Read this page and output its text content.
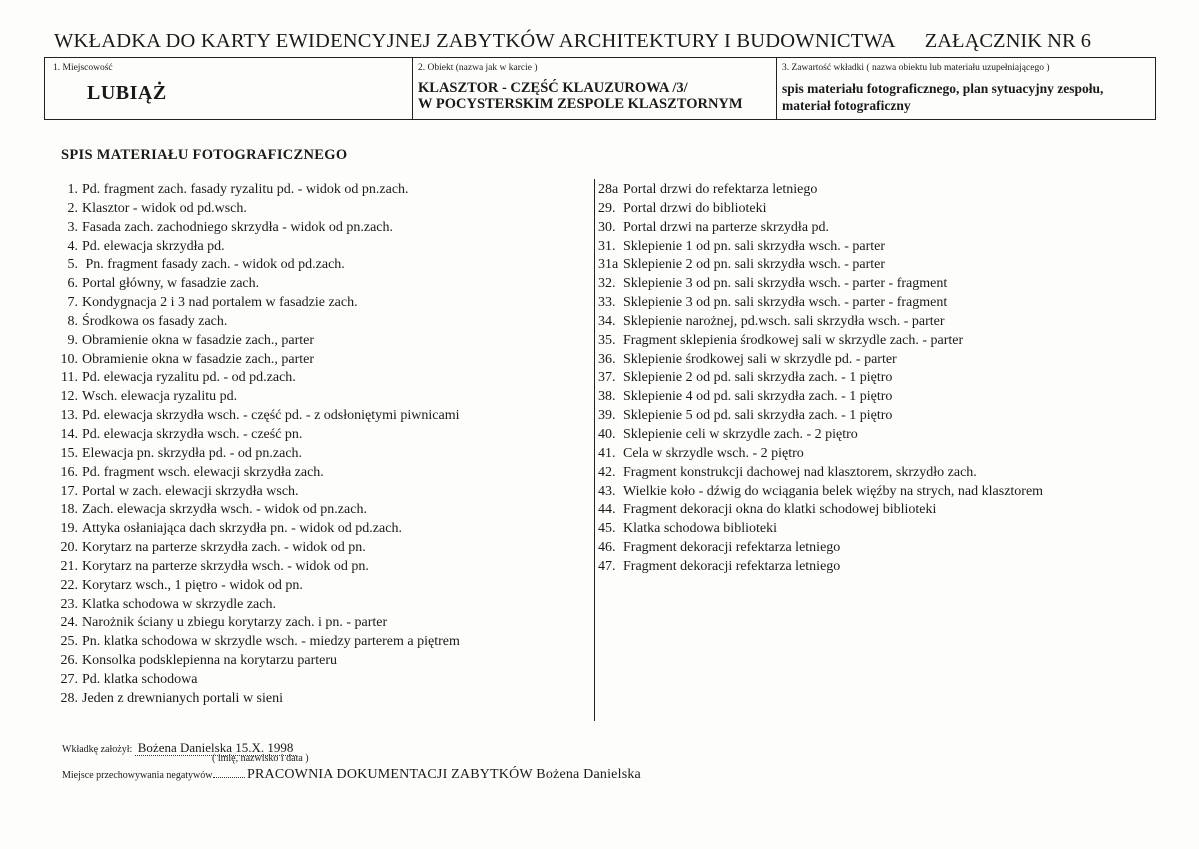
WKŁADKA DO KARTY EWIDENCYJNEJ ZABYTKÓW ARCHITEKTURY I BUDOWNICTWA	ZAŁĄCZNIK NR 6
1. Miejscowość
LUBIĄŻ
2. Obiekt (nazwa jak w karcie )
KLASZTOR - CZĘŚĆ KLAUZUROWA /3/
W POCYSTERSKIM ZESPOLE KLASZTORNYM
3. Zawartość wkładki ( nazwa obiektu lub materiału uzupełniającego )
spis materiału fotograficznego, plan sytuacyjny zespołu,
materiał fotograficzny
SPIS MATERIAŁU FOTOGRAFICZNEGO
1. Pd. fragment zach. fasady ryzalitu pd. - widok od pn.zach.
2. Klasztor - widok od pd.wsch.
3. Fasada zach. zachodniego skrzydła - widok od pn.zach.
4. Pd. elewacja skrzydła pd.
5. Pn. fragment fasady zach. - widok od pd.zach.
6. Portal główny, w fasadzie zach.
7. Kondygnacja 2 i 3 nad portalem w fasadzie zach.
8. Środkowa os fasady zach.
9. Obramienie okna w fasadzie zach., parter
10. Obramienie okna w fasadzie zach., parter
11. Pd. elewacja ryzalitu pd. - od pd.zach.
12. Wsch. elewacja ryzalitu pd.
13. Pd. elewacja skrzydła wsch. - część pd. - z odsłoniętymi piwnicami
14. Pd. elewacja skrzydła wsch. - cześć pn.
15. Elewacja pn. skrzydła pd. - od pn.zach.
16. Pd. fragment wsch. elewacji skrzydła zach.
17. Portal w zach. elewacji skrzydła wsch.
18. Zach. elewacja skrzydła wsch. - widok od pn.zach.
19. Attyka osłaniająca dach skrzydła pn. - widok od pd.zach.
20. Korytarz na parterze skrzydła zach. - widok od pn.
21. Korytarz na parterze skrzydła wsch. - widok od pn.
22. Korytarz wsch., 1 piętro - widok od pn.
23. Klatka schodowa w skrzydle zach.
24. Narożnik ściany u zbiegu korytarzy zach. i pn. - parter
25. Pn. klatka schodowa w skrzydle wsch. - miedzy parterem a piętrem
26. Konsolka podsklepienna na korytarzu parteru
27. Pd. klatka schodowa
28. Jeden z drewnianych portali w sieni
28a Portal drzwi do refektarza letniego
29. Portal drzwi do biblioteki
30. Portal drzwi na parterze skrzydła pd.
31. Sklepienie 1 od pn. sali skrzydła wsch. - parter
31a Sklepienie 2 od pn. sali skrzydła wsch. - parter
32. Sklepienie 3 od pn. sali skrzydła wsch. - parter - fragment
33. Sklepienie 3 od pn. sali skrzydła wsch. - parter - fragment
34. Sklepienie narożnej, pd.wsch. sali skrzydła wsch. - parter
35. Fragment sklepienia środkowej sali w skrzydle zach. - parter
36. Sklepienie środkowej sali w skrzydle pd. - parter
37. Sklepienie 2 od pd. sali skrzydła zach. - 1 piętro
38. Sklepienie 4 od pd. sali skrzydła zach. - 1 piętro
39. Sklepienie 5 od pd. sali skrzydła zach. - 1 piętro
40. Sklepienie celi w skrzydle zach. - 2 piętro
41. Cela w skrzydle wsch. - 2 piętro
42. Fragment konstrukcji dachowej nad klasztorem, skrzydło zach.
43. Wielkie koło - dźwig do wciągania belek więźby na strych, nad klasztorem
44. Fragment dekoracji okna do klatki schodowej biblioteki
45. Klatka schodowa biblioteki
46. Fragment dekoracji refektarza letniego
47. Fragment dekoracji refektarza letniego
Wkładkę założył: Bożena Danielska 15.X. 1998
( imię, nazwisko i data )
Miejsce przechowywania negatywów PRACOWNIA DOKUMENTACJI ZABYTKÓW Bożena Danielska
